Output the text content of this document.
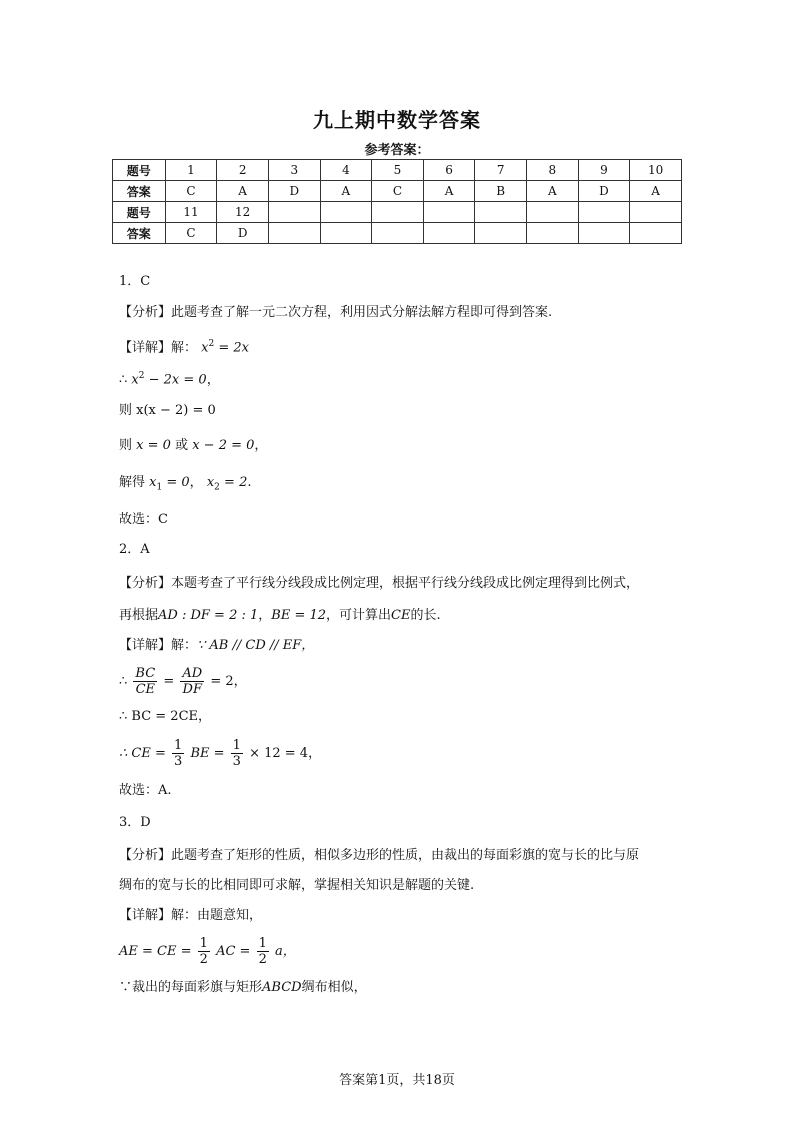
九上期中数学答案
参考答案：
题号	1	2	3	4	5	6	7	8	9	10
答案	C	A	D	A	C	A	B	A	D	A
题号	11	12								
答案	C	D								
1．C
【分析】此题考查了解一元二次方程，利用因式分解法解方程即可得到答案.
【详解】解： $x^2 = 2x$
∴ $x^2 - 2x = 0$，
则 x(x − 2) = 0
则 x = 0 或 x − 2 = 0，
解得 $x_1 = 0$， $x_2 = 2$.
故选：C
2．A
【分析】本题考查了平行线分线段成比例定理，根据平行线分线段成比例定理得到比例式，
再根据AD : DF = 2 : 1，BE = 12，可计算出CE的长.
【详解】解：∵ AB // CD // EF，
∴ $\frac{BC}{CE} = \frac{AD}{DF} = 2$，
∴ BC = 2CE，
∴ CE = $\frac{1}{3}$ BE = $\frac{1}{3} \times 12 = 4$，
故选：A.
3．D
【分析】此题考查了矩形的性质，相似多边形的性质，由裁出的每面彩旗的宽与长的比与原
绸布的宽与长的比相同即可求解，掌握相关知识是解题的关键.
【详解】解：由题意知，
AE = CE = $\frac{1}{2}$ AC = $\frac{1}{2}$ a，
∵裁出的每面彩旗与矩形ABCD绸布相似，
答案第1页，共18页
